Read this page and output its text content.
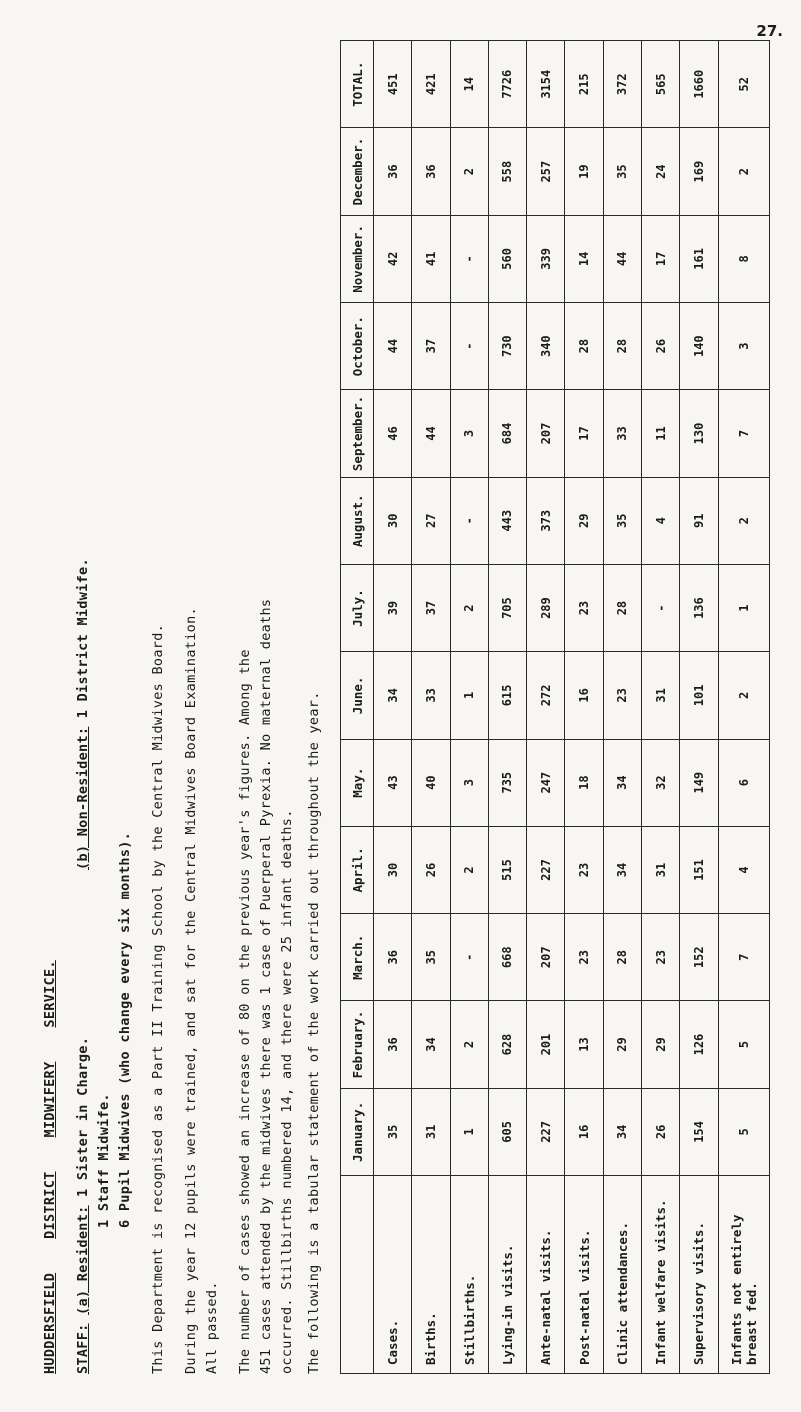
27.

HUDDERSFIELDDISTRICTMIDWIFERYSERVICE.

STAFF: (a) Resident: 1 Sister in Charge.  (b) Non-Resident: 1 District Midwife.

1 Staff Midwife. 6 Pupil Midwives (who change every six months). This Department is recognised as a Part II Training School by the Central Midwives Board. During the year 12 pupils were trained, and sat for the Central Midwives Board Examination. All passed. The number of cases showed an increase of 80 on the previous year's figures. Among the 451 cases attended by the midwives there was 1 case of Puerperal Pyrexia. No maternal deaths occurred. Stillbirths numbered 14, and there were 25 infant deaths. The following is a tabular statement of the work carried out throughout the year.

	January.	February.	March.	April.	May.	June.	July.	August.	September.	October.	November.	December.	TOTAL.
Cases.	35	36	36	30	43	34	39	30	46	44	42	36	451
Births.	31	34	35	26	40	33	37	27	44	37	41	36	421
Stillbirths.	1	2	-	2	3	1	2	-	3	-	-	2	14
Lying-in visits.	605	628	668	515	735	615	705	443	684	730	560	558	7726
Ante-natal visits.	227	201	207	227	247	272	289	373	207	340	339	257	3154
Post-natal visits.	16	13	23	23	18	16	23	29	17	28	14	19	215
Clinic attendances.	34	29	28	34	34	23	28	35	33	28	44	35	372
Infant welfare visits.	26	29	23	31	32	31	-	4	11	26	17	24	565
Supervisory visits.	154	126	152	151	149	101	136	91	130	140	161	169	1660
Infants not entirely
breast fed.	5	5	7	4	6	2	1	2	7	3	8	2	52
